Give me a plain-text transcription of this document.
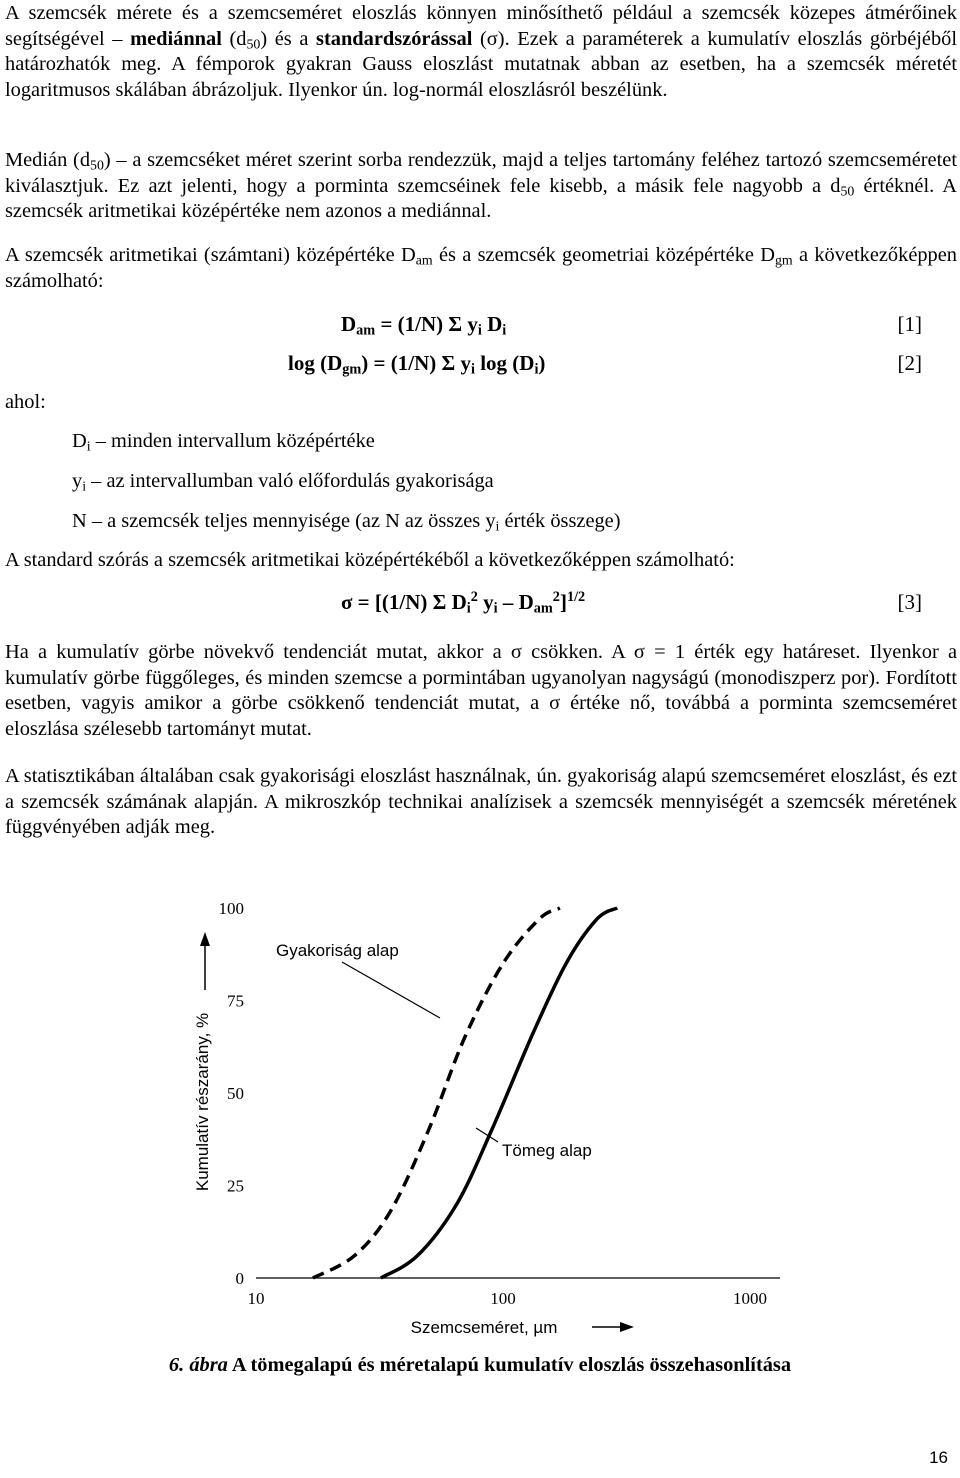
A szemcsék mérete és a szemcseméret eloszlás könnyen minősíthető például a szemcsék közepes átmérőinek segítségével – mediánnal $(d_{50})$ és a standardszórással (σ). Ezek a paraméterek a kumulatív eloszlás görbéjéből határozhatók meg. A fémporok gyakran Gauss eloszlást mutatnak abban az esetben, ha a szemcsék méretét logaritmusos skálában ábrázoljuk. Ilyenkor ún. log-normál eloszlásról beszélünk.

Medián $(d_{50})$ – a szemcséket méret szerint sorba rendezzük, majd a teljes tartomány feléhez tartozó szemcseméretet kiválasztjuk. Ez azt jelenti, hogy a porminta szemcséinek fele kisebb, a másik fele nagyobb a $d_{50}$ értéknél. A szemcsék aritmetikai középértéke nem azonos a mediánnal.

A szemcsék aritmetikai (számtani) középértéke $D_{am}$ és a szemcsék geometriai középértéke $D_{gm}$ a következőképpen számolható:

$D_{am} = (1/N)$ Σ $y_i$ $D_i$	[1]
$\log (D_{gm}) = (1/N)$ Σ $y_i$ $\log (D_i)$	[2]
ahol:
$D_i$ – minden intervallum középértéke
$y_i$ – az intervallumban való előfordulás gyakorisága
N – a szemcsék teljes mennyisége (az N az összes $y_i$ érték összege)

A standard szórás a szemcsék aritmetikai középértékéből a következőképpen számolható:

σ = [(1/N) Σ $D_i^2$ $y_i - D_{am}^2]^{1/2}$	[3]

Ha a kumulatív görbe növekvő tendenciát mutat, akkor a σ csökken. A σ = 1 érték egy határeset. Ilyenkor a kumulatív görbe függőleges, és minden szemcse a pormintában ugyanolyan nagyságú (monodiszperz por). Fordított esetben, vagyis amikor a görbe csökkenő tendenciát mutat, a σ értéke nő, továbbá a porminta szemcseméret eloszlása szélesebb tartományt mutat.

A statisztikában általában csak gyakorisági eloszlást használnak, ún. gyakoriság alapú szemcseméret eloszlást, és ezt a szemcsék számának alapján. A mikroszkóp technikai analízisek a szemcsék mennyiségét a szemcsék méretének függvényében adják meg.

0
25
50
75
100
10	100	1000
Gyakoriság alap
Tömeg alap
Kumulatív részarány, %
Szemcseméret, µm
6. ábra A tömegalapú és méretalapú kumulatív eloszlás összehasonlítása
16
